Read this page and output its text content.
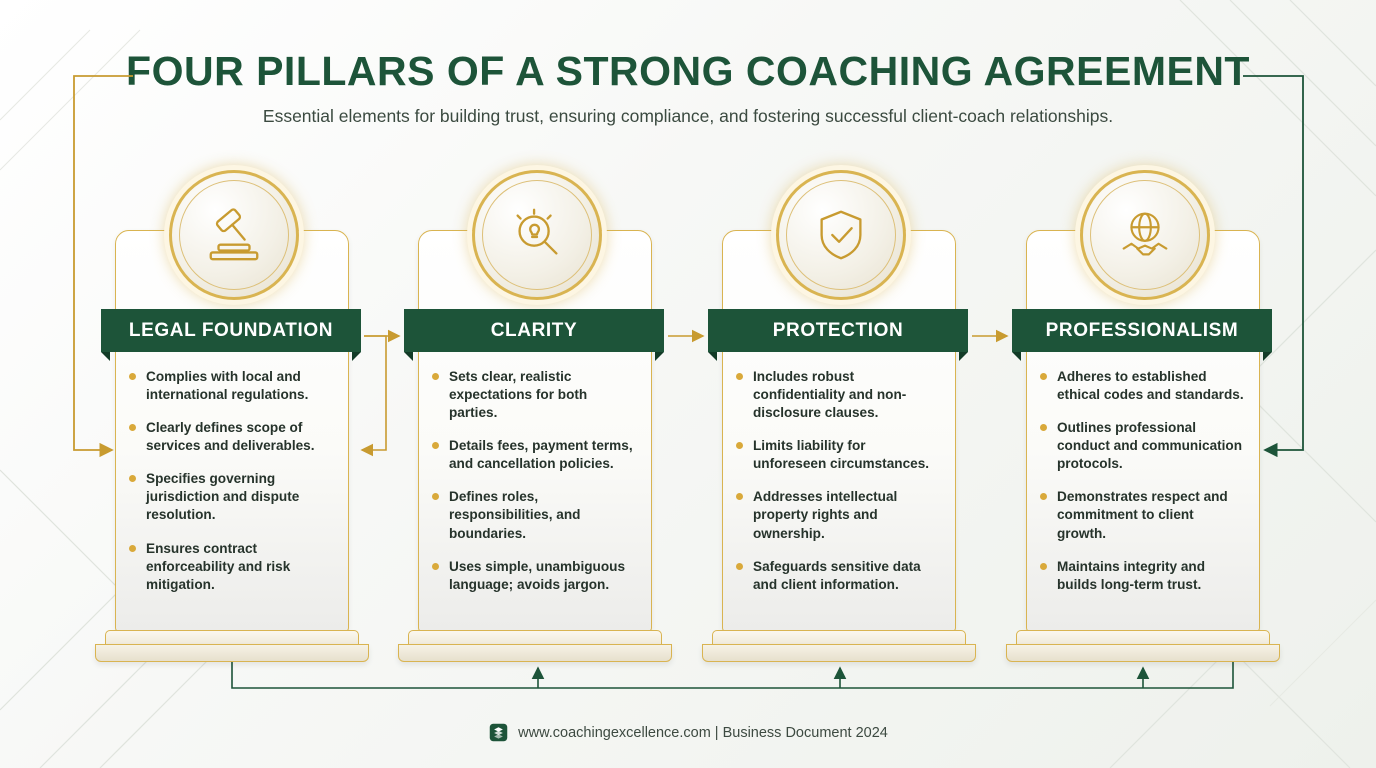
FOUR PILLARS OF A STRONG COACHING AGREEMENT
Essential elements for building trust, ensuring compliance, and fostering successful client-coach relationships.
LEGAL FOUNDATION
Complies with local and international regulations.
Clearly defines scope of services and deliverables.
Specifies governing jurisdiction and dispute resolution.
Ensures contract enforceability and risk mitigation.
CLARITY
Sets clear, realistic expectations for both parties.
Details fees, payment terms, and cancellation policies.
Defines roles, responsibilities, and boundaries.
Uses simple, unambiguous language; avoids jargon.
PROTECTION
Includes robust confidentiality and non-disclosure clauses.
Limits liability for unforeseen circumstances.
Addresses intellectual property rights and ownership.
Safeguards sensitive data and client information.
PROFESSIONALISM
Adheres to established ethical codes and standards.
Outlines professional conduct and communication protocols.
Demonstrates respect and commitment to client growth.
Maintains integrity and builds long-term trust.
www.coachingexcellence.com | Business Document 2024
